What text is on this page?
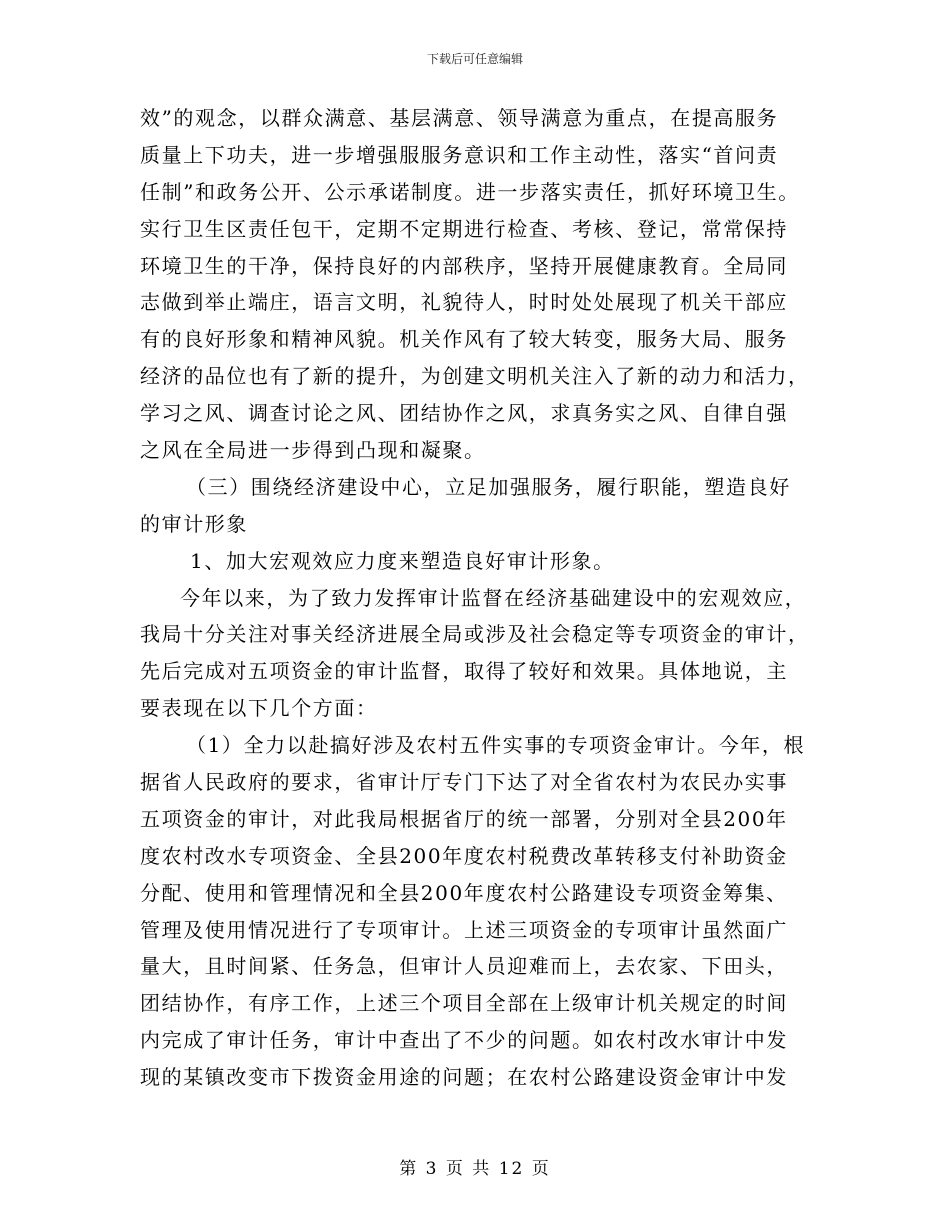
下载后可任意编辑
效”的观念，以群众满意、基层满意、领导满意为重点，在提高服务
质量上下功夫，进一步增强服服务意识和工作主动性，落实“首问责
任制”和政务公开、公示承诺制度。进一步落实责任，抓好环境卫生。
实行卫生区责任包干，定期不定期进行检查、考核、登记，常常保持
环境卫生的干净，保持良好的内部秩序，坚持开展健康教育。全局同
志做到举止端庄，语言文明，礼貌待人，时时处处展现了机关干部应
有的良好形象和精神风貌。机关作风有了较大转变，服务大局、服务
经济的品位也有了新的提升，为创建文明机关注入了新的动力和活力，
学习之风、调查讨论之风、团结协作之风，求真务实之风、自律自强
之风在全局进一步得到凸现和凝聚。
（三）围绕经济建设中心，立足加强服务，履行职能，塑造良好
的审计形象
1、加大宏观效应力度来塑造良好审计形象。
今年以来，为了致力发挥审计监督在经济基础建设中的宏观效应，
我局十分关注对事关经济进展全局或涉及社会稳定等专项资金的审计，
先后完成对五项资金的审计监督，取得了较好和效果。具体地说，主
要表现在以下几个方面：
（1）全力以赴搞好涉及农村五件实事的专项资金审计。今年，根
据省人民政府的要求，省审计厅专门下达了对全省农村为农民办实事
五项资金的审计，对此我局根据省厅的统一部署，分别对全县200年
度农村改水专项资金、全县200年度农村税费改革转移支付补助资金
分配、使用和管理情况和全县200年度农村公路建设专项资金筹集、
管理及使用情况进行了专项审计。上述三项资金的专项审计虽然面广
量大，且时间紧、任务急，但审计人员迎难而上，去农家、下田头，
团结协作，有序工作，上述三个项目全部在上级审计机关规定的时间
内完成了审计任务，审计中查出了不少的问题。如农村改水审计中发
现的某镇改变市下拨资金用途的问题；在农村公路建设资金审计中发
第 3 页 共 12 页
